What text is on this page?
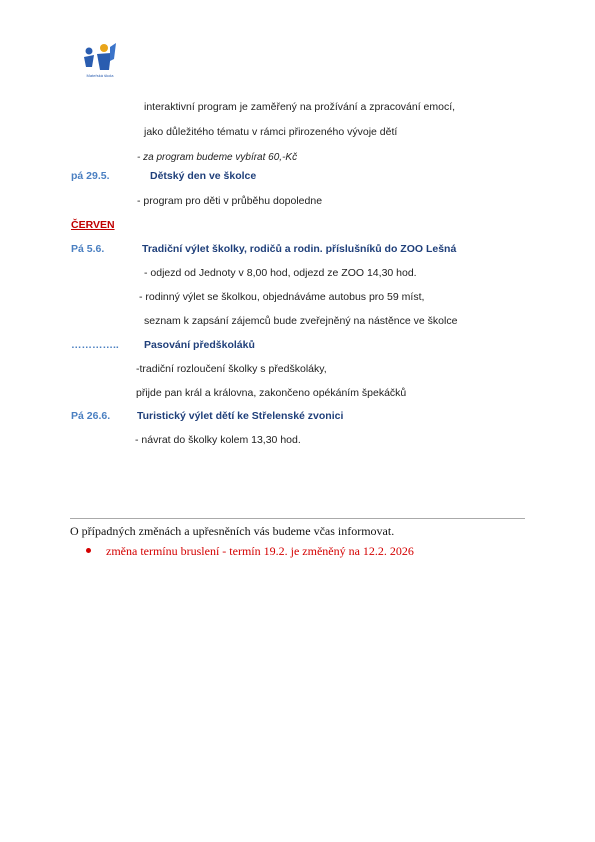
Mateřská škola
interaktivní program je zaměřený na prožívání a zpracování emocí,
jako důležitého tématu v rámci přirozeného vývoje dětí
- za program budeme vybírat 60,-Kč
pá 29.5.	Dětský den ve školce
- program pro děti v průběhu dopoledne
ČERVEN
Pá 5.6.	Tradiční výlet školky, rodičů a rodin. příslušníků do ZOO Lešná
- odjezd od Jednoty v 8,00 hod, odjezd ze ZOO 14,30 hod.
- rodinný výlet se školkou, objednáváme autobus pro 59 míst,
seznam k zapsání zájemců bude zveřejněný na nástěnce ve školce
………….. Pasování předškoláků
-tradiční rozloučení školky s předškoláky,
přijde pan král a královna, zakončeno opékáním špekáčků
Pá 26.6.	Turistický výlet dětí ke Střelenské zvonici
- návrat do školky kolem 13,30 hod.
O případných změnách a upřesněních vás budeme včas informovat.
změna termínu bruslení - termín 19.2. je změněný na 12.2. 2026
